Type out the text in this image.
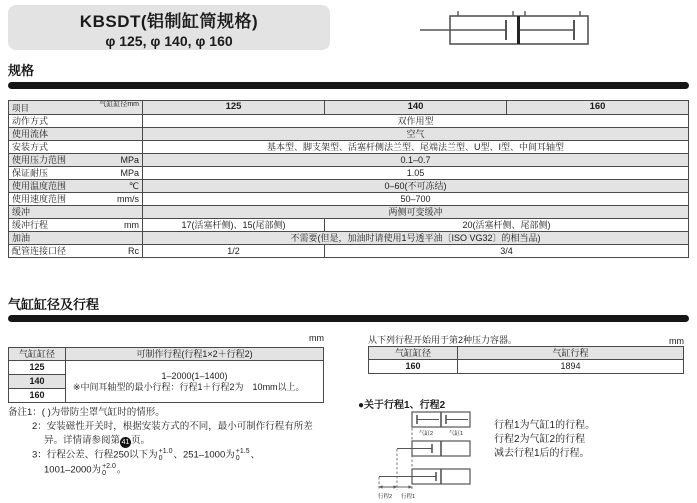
KBSDT(铝制缸筒规格)
φ 125, φ 140, φ 160
规格
气缸缸径mm
项目	125	140	160

动作方式	双作用型		

使用流体	空气		

安装方式	基本型、脚支架型、活塞杆侧法兰型、尾端法兰型、U型、I型、中间耳轴型		

使用压力范围 MPa	0.1–0.7		

保证耐压 MPa	1.05		

使用温度范围 ℃	0–60(不可冻结)		

使用速度范围 mm/s	50–700		

缓冲	两侧可变缓冲		

缓冲行程 mm	17(活塞杆侧)、15(尾部侧)	20(活塞杆侧、尾部侧)	

加油	不需要(但是，加油时请使用1号透平油〔ISO VG32〕的相当品)		

配管连接口径 Rc	1/2	3/4	
气缸缸径及行程
mm
气缸缸径	可制作行程(行程1×2＋行程2)
125	1–2000(1–1400)
※中间耳轴型的最小行程：行程1＋行程2为　10mm以上。

140	
160	
从下列行程开始用于第2种压力容器。	mm
气缸缸径	气缸行程
160	1894
备注1：( )为带防尘罩气缸时的情形。
2：安装磁性开关时，根据安装方式的不同，最小可制作行程有所差
异。详情请参阅第 41 页。
3：行程公差、行程250以下为 +1.0
0	、251–1000为 +1.5
0	、
1001–2000为 +2.0
0	。
●关于行程1、行程2
气缸2	气缸1
行程2 行程1
行程1为气缸1的行程。
行程2为气缸2的行程
减去行程1后的行程。
